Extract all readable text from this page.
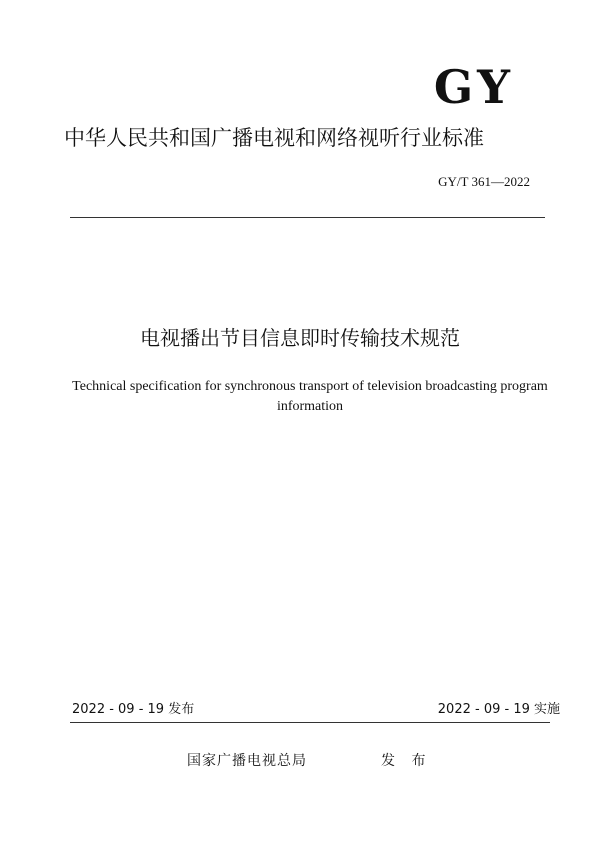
GY
中华人民共和国广播电视和网络视听行业标准
GY/T 361—2022
电视播出节目信息即时传输技术规范
Technical specification for synchronous transport of television broadcasting program information
2022 - 09 - 19 发布	2022 - 09 - 19 实施
国家广播电视总局	发 布
